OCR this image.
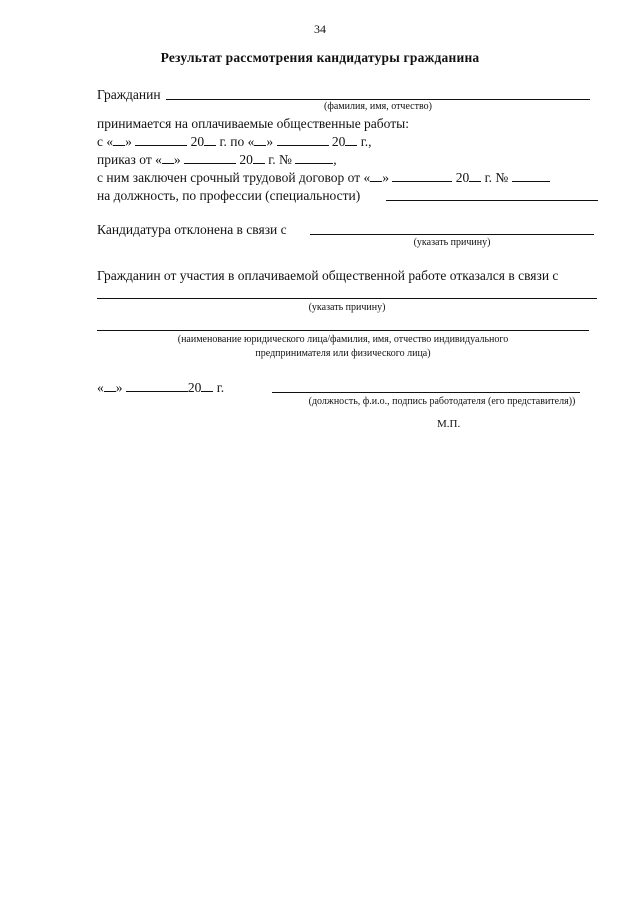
34
Результат рассмотрения кандидатуры гражданина
Гражданин
(фамилия, имя, отчество)
принимается на оплачиваемые общественные работы:
с « »	20 г. по « »	20 г.,
приказ от « »	20 г. №	,
с ним заключен срочный трудовой договор от « »	20 г. №
на должность, по профессии (специальности)
Кандидатура отклонена в связи с
(указать причину)
Гражданин от участия в оплачиваемой общественной работе отказался в связи с
(указать причину)
(наименование юридического лица/фамилия, имя, отчество индивидуального
предпринимателя или физического лица)
« »	20 г.
(должность, ф.и.о., подпись работодателя (его представителя))
М.П.
